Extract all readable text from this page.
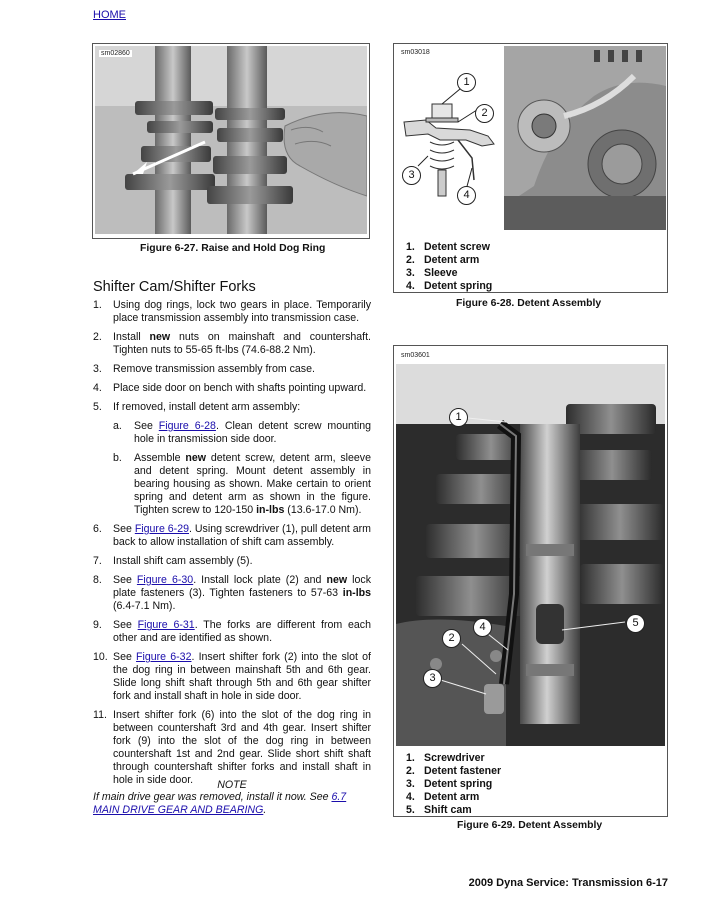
HOME
sm02860
Figure 6-27. Raise and Hold Dog Ring
sm03018
1
2
3
4
1. Detent screw
2. Detent arm
3. Sleeve
4. Detent spring
Figure 6-28. Detent Assembly
Shifter Cam/Shifter Forks
1.	Using dog rings, lock two gears in place. Temporarily place transmission assembly into transmission case.
2.	Install new nuts on mainshaft and countershaft. Tighten nuts to 55-65 ft-lbs (74.6-88.2 Nm).
3.	Remove transmission assembly from case.
4.	Place side door on bench with shafts pointing upward.
5.	If removed, install detent arm assembly:
a.	See Figure 6-28. Clean detent screw mounting hole in transmission side door.
b.	Assemble new detent screw, detent arm, sleeve and detent spring. Mount detent assembly in bearing housing as shown. Make certain to orient spring and detent arm as shown in the figure. Tighten screw to 120-150 in-lbs (13.6-17.0 Nm).
6.	See Figure 6-29. Using screwdriver (1), pull detent arm back to allow installation of shift cam assembly.
7.	Install shift cam assembly (5).
8.	See Figure 6-30. Install lock plate (2) and new lock plate fasteners (3). Tighten fasteners to 57-63 in-lbs (6.4-7.1 Nm).
9.	See Figure 6-31. The forks are different from each other and are identified as shown.
10. See Figure 6-32. Insert shifter fork (2) into the slot of the dog ring in between mainshaft 5th and 6th gear. Slide long shift shaft through 5th and 6th gear shifter fork and install shaft in hole in side door.
11. Insert shifter fork (6) into the slot of the dog ring in between countershaft 3rd and 4th gear. Insert shifter fork (9) into the slot of the dog ring in between countershaft 1st and 2nd gear. Slide short shift shaft through countershaft shifter forks and install shaft in hole in side door.	NOTE
If main drive gear was removed, install it now. See 6.7 MAIN DRIVE GEAR AND BEARING.
sm03601
1
2
3
4	5
1. Screwdriver
2. Detent fastener
3. Detent spring
4. Detent arm
5. Shift cam
Figure 6-29. Detent Assembly
2009 Dyna Service: Transmission 6-17
